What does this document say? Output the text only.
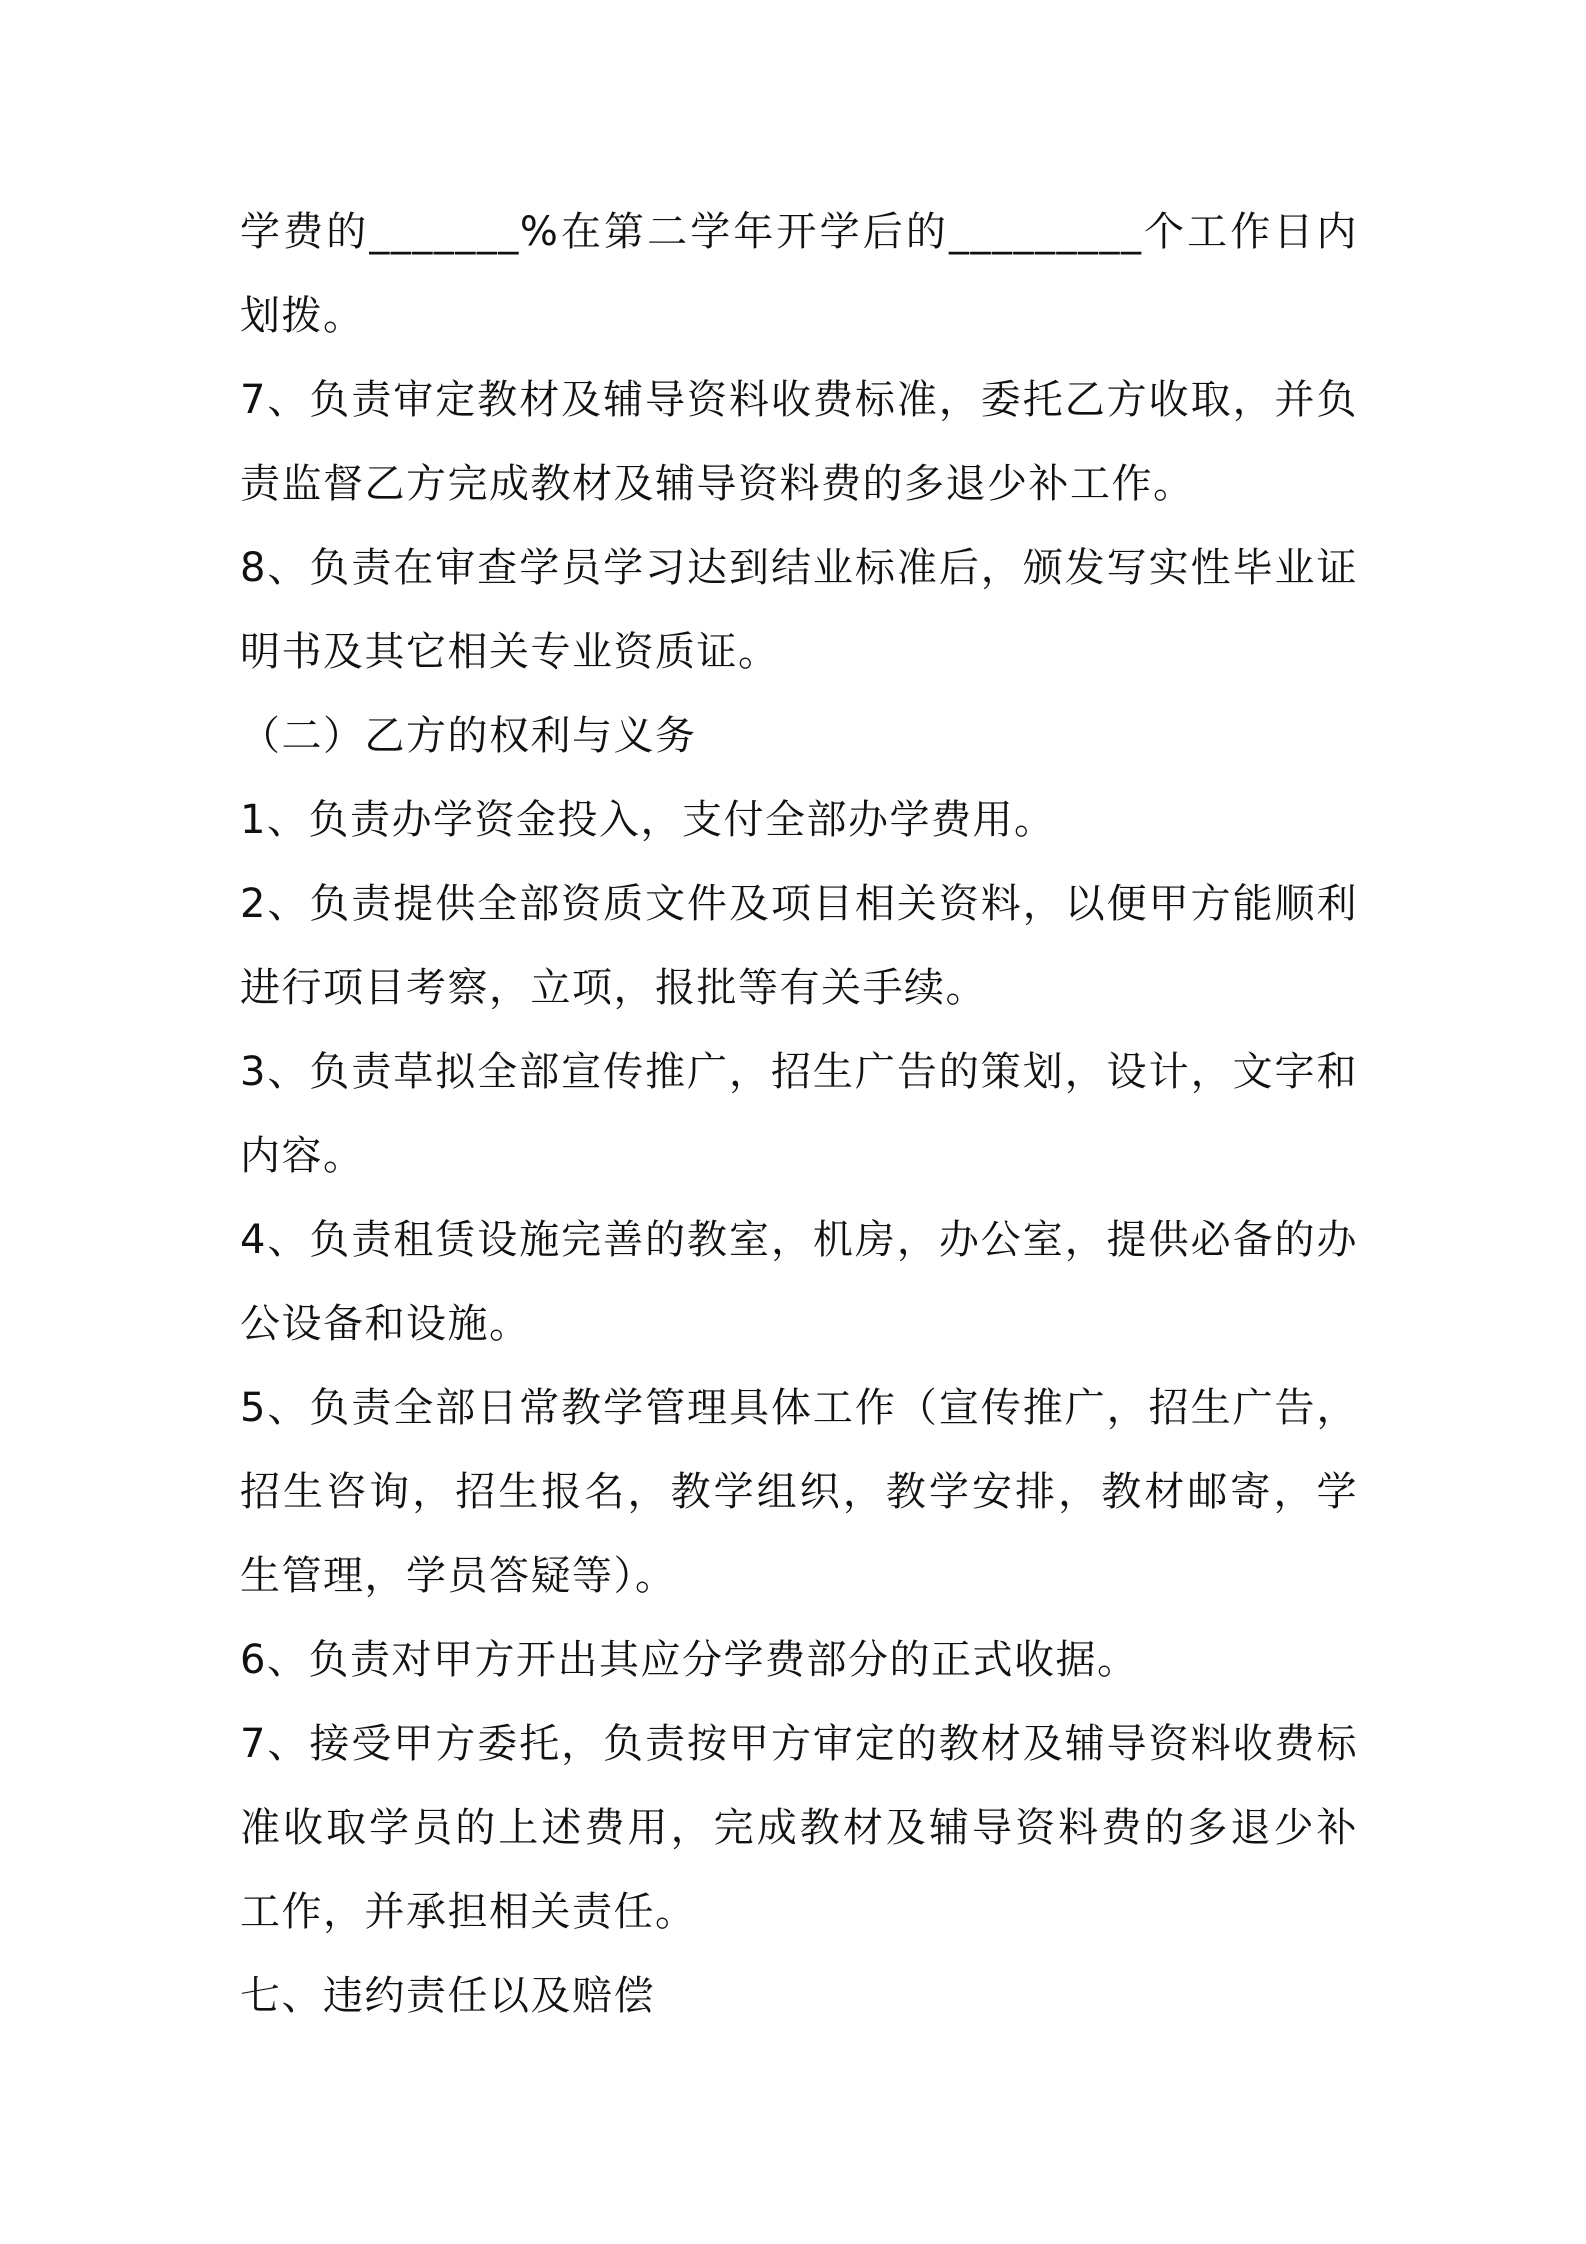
学费的_______%在第二学年开学后的_________个工作日内划拨。

7、负责审定教材及辅导资料收费标准，委托乙方收取，并负责监督乙方完成教材及辅导资料费的多退少补工作。

8、负责在审查学员学习达到结业标准后，颁发写实性毕业证明书及其它相关专业资质证。

（二）乙方的权利与义务

1、负责办学资金投入，支付全部办学费用。

2、负责提供全部资质文件及项目相关资料，以便甲方能顺利进行项目考察，立项，报批等有关手续。

3、负责草拟全部宣传推广，招生广告的策划，设计，文字和内容。

4、负责租赁设施完善的教室，机房，办公室，提供必备的办公设备和设施。

5、负责全部日常教学管理具体工作（宣传推广，招生广告，招生咨询，招生报名，教学组织，教学安排，教材邮寄，学生管理，学员答疑等）。

6、负责对甲方开出其应分学费部分的正式收据。

7、接受甲方委托，负责按甲方审定的教材及辅导资料收费标准收取学员的上述费用，完成教材及辅导资料费的多退少补工作，并承担相关责任。

七、违约责任以及赔偿
